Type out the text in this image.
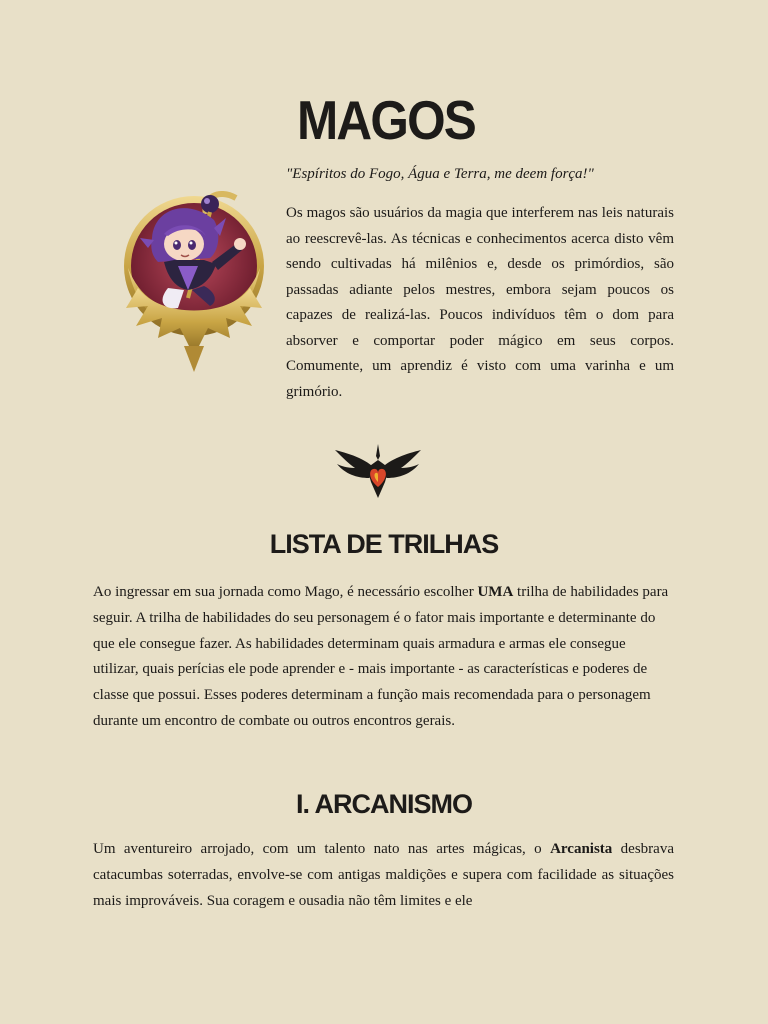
MAGOS

"Espíritos do Fogo, Água e Terra, me deem força!"

Os magos são usuários da magia que interferem nas leis naturais ao reescrevê-las. As técnicas e conhecimentos acerca disto vêm sendo cultivadas há milênios e, desde os primórdios, são passadas adiante pelos mestres, embora sejam poucos os capazes de realizá-las. Poucos indivíduos têm o dom para absorver e comportar poder mágico em seus corpos. Comumente, um aprendiz é visto com uma varinha e um grimório.

LISTA DE TRILHAS

Ao ingressar em sua jornada como Mago, é necessário escolher UMA trilha de habilidades para seguir. A trilha de habilidades do seu personagem é o fator mais importante e determinante do que ele consegue fazer. As habilidades determinam quais armadura e armas ele consegue utilizar, quais perícias ele pode aprender e - mais importante - as características e poderes de classe que possui. Esses poderes determinam a função mais recomendada para o personagem durante um encontro de combate ou outros encontros gerais.

I. ARCANISMO

Um aventureiro arrojado, com um talento nato nas artes mágicas, o Arcanista desbrava catacumbas soterradas, envolve-se com antigas maldições e supera com facilidade as situações mais improváveis. Sua coragem e ousadia não têm limites e ele
